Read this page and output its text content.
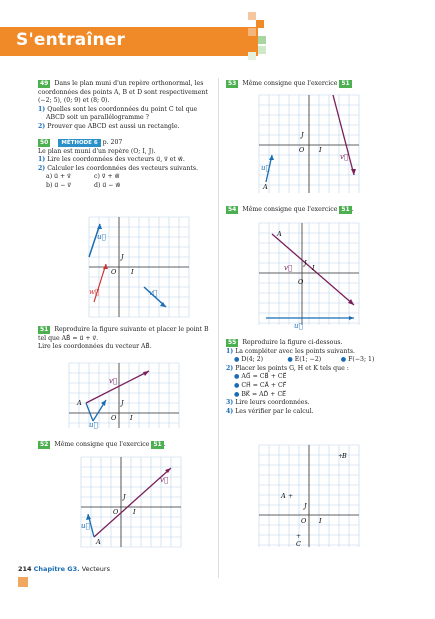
S'entraîner

49 Dans le plan muni d'un repère orthonormal, les

coordonnées des points A, B et D sont respectivement

(−2; 5), (0; 9) et (8; 0).

1) Quelles sont les coordonnées du point C tel que

ABCD soit un parallélogramme ?

2) Prouver que ABCD est aussi un rectangle.

50 MÉTHODE 6 p. 207

Le plan est muni d'un repère (O; I, J).

1) Lire les coordonnées des vecteurs u⃗, v⃗ et w⃗.

2) Calculer les coordonnées des vecteurs suivants.

a) u⃗ + v⃗	c) v⃗ + w⃗

b) u⃗ − v⃗	d) u⃗ − w⃗

u⃗
w⃗	v⃗
O I
J

51 Reproduire la figure suivante et placer le point B

tel que AB⃗ = u⃗ + v⃗.

Lire les coordonnées du vecteur AB⃗.

A
v⃗
u⃗
O I
J

52 Même consigne que l'exercice 51 .

A
v⃗
u⃗
O I
J

53 Même consigne que l'exercice 51

A
u⃗
v⃗
O I
J

54 Même consigne que l'exercice 51 .

A
v⃗
u⃗
O
J
I

55 Reproduire la figure ci-dessous.

1) La compléter avec les points suivants.

● D(4; 2)	● E(1; −2)	● F(−3; 1)

2) Placer les points G, H et K tels que :

● AG⃗ = CB⃗ + CE⃗

● CH⃗ = CA⃗ + CF⃗

● BK⃗ = AD⃗ + CE⃗

3) Lire leurs coordonnées.

4) Les vérifier par le calcul.

+
+
+
B
A
C
O I
J
214 Chapitre G3. Vecteurs
